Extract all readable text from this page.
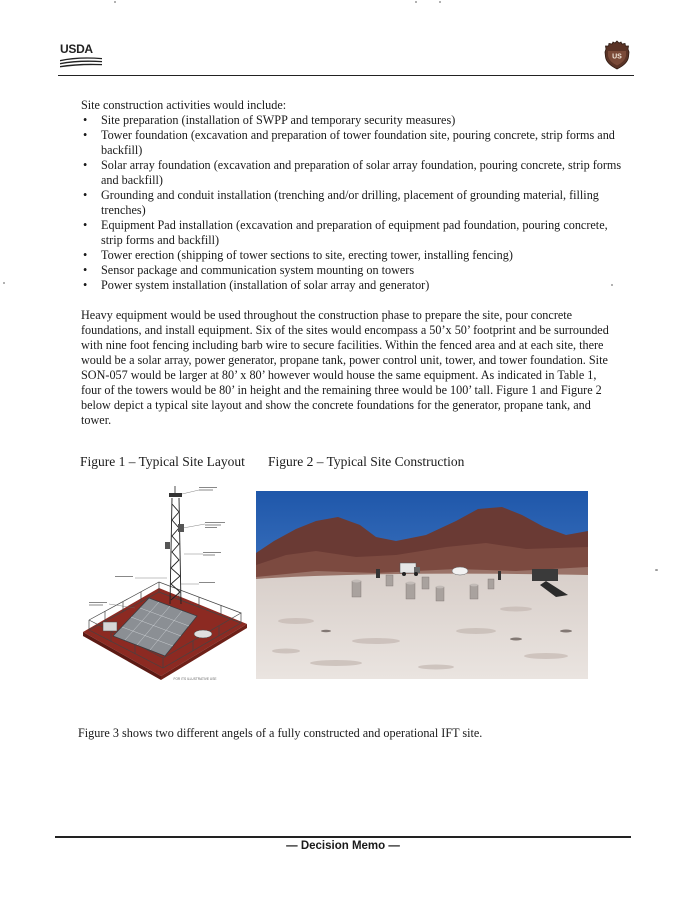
USDA
US
Site construction activities would include:
• Site preparation (installation of SWPP and temporary security measures)
• Tower foundation (excavation and preparation of tower foundation site, pouring concrete, strip forms and backfill)
• Solar array foundation (excavation and preparation of solar array foundation, pouring concrete, strip forms and backfill)
• Grounding and conduit installation (trenching and/or drilling, placement of grounding material, filling trenches)
• Equipment Pad installation (excavation and preparation of equipment pad foundation, pouring concrete, strip forms and backfill)
• Tower erection (shipping of tower sections to site, erecting tower, installing fencing)
• Sensor package and communication system mounting on towers
• Power system installation (installation of solar array and generator)
Heavy equipment would be used throughout the construction phase to prepare the site, pour concrete foundations, and install equipment. Six of the sites would encompass a 50’x 50’ footprint and be surrounded with nine foot fencing including barb wire to secure facilities. Within the fenced area and at each site, there would be a solar array, power generator, propane tank, power control unit, tower, and tower foundation. Site SON-057 would be larger at 80’ x 80’ however would house the same equipment. As indicated in Table 1, four of the towers would be 80’ in height and the remaining three would be 100’ tall. Figure 1 and Figure 2 below depict a typical site layout and show the concrete foundations for the generator, propane tank, and tower.
Figure 1 – Typical Site Layout Figure 2 – Typical Site Construction
FOR ITS ILLUSTRATIVE USE
Figure 3 shows two different angels of a fully constructed and operational IFT site.
— Decision Memo —
